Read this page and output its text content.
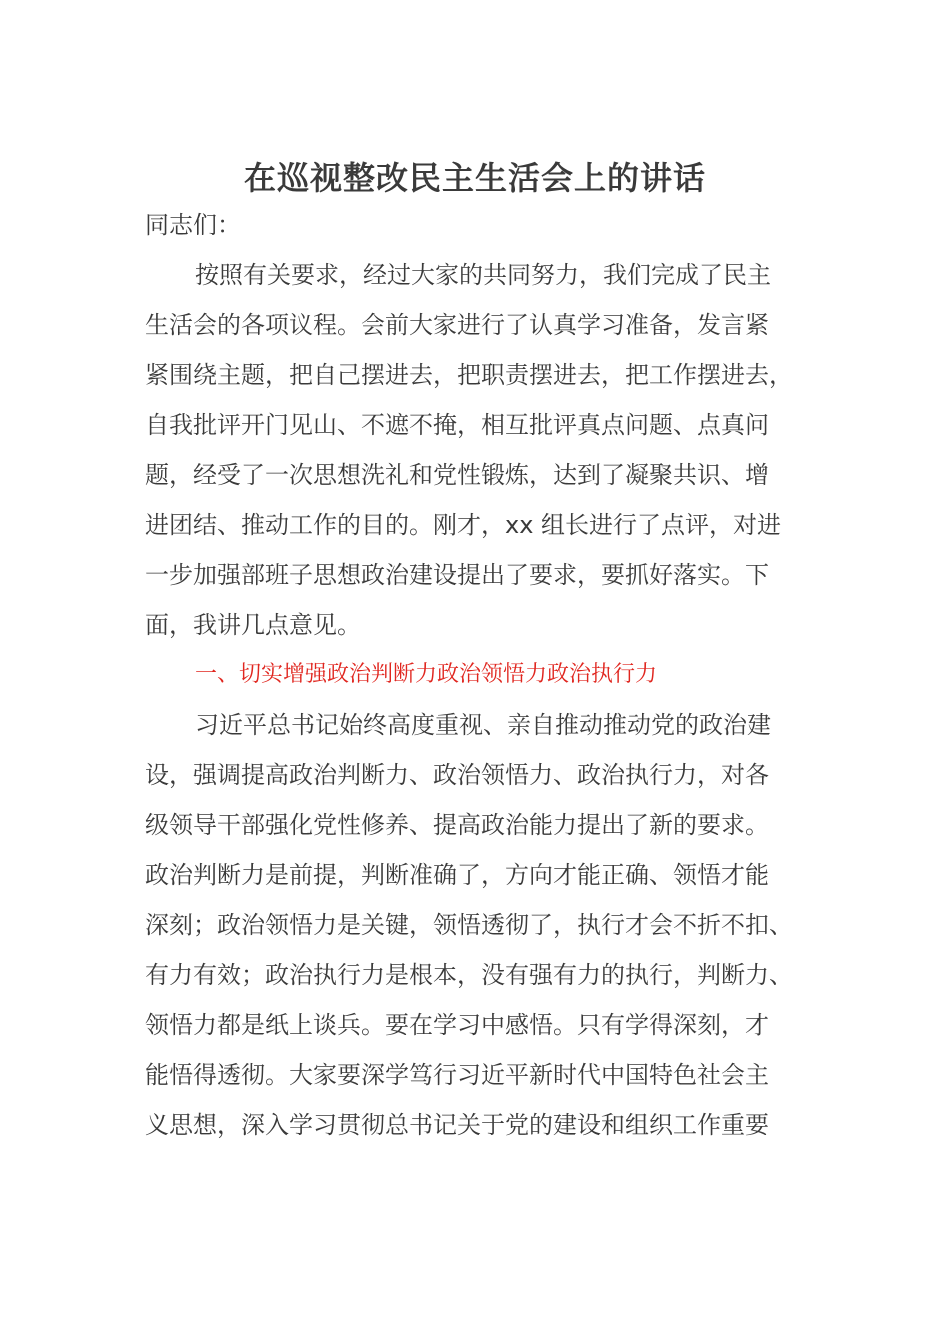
在巡视整改民主生活会上的讲话
同志们：
按照有关要求，经过大家的共同努力，我们完成了民主
生活会的各项议程。会前大家进行了认真学习准备，发言紧
紧围绕主题，把自己摆进去，把职责摆进去，把工作摆进去，
自我批评开门见山、不遮不掩，相互批评真点问题、点真问
题，经受了一次思想洗礼和党性锻炼，达到了凝聚共识、增
进团结、推动工作的目的。刚才，xx 组长进行了点评，对进
一步加强部班子思想政治建设提出了要求，要抓好落实。下
面，我讲几点意见。
一、切实增强政治判断力政治领悟力政治执行力
习近平总书记始终高度重视、亲自推动推动党的政治建
设，强调提高政治判断力、政治领悟力、政治执行力，对各
级领导干部强化党性修养、提高政治能力提出了新的要求。
政治判断力是前提，判断准确了，方向才能正确、领悟才能
深刻；政治领悟力是关键，领悟透彻了，执行才会不折不扣、
有力有效；政治执行力是根本，没有强有力的执行，判断力、
领悟力都是纸上谈兵。要在学习中感悟。只有学得深刻，才
能悟得透彻。大家要深学笃行习近平新时代中国特色社会主
义思想，深入学习贯彻总书记关于党的建设和组织工作重要
